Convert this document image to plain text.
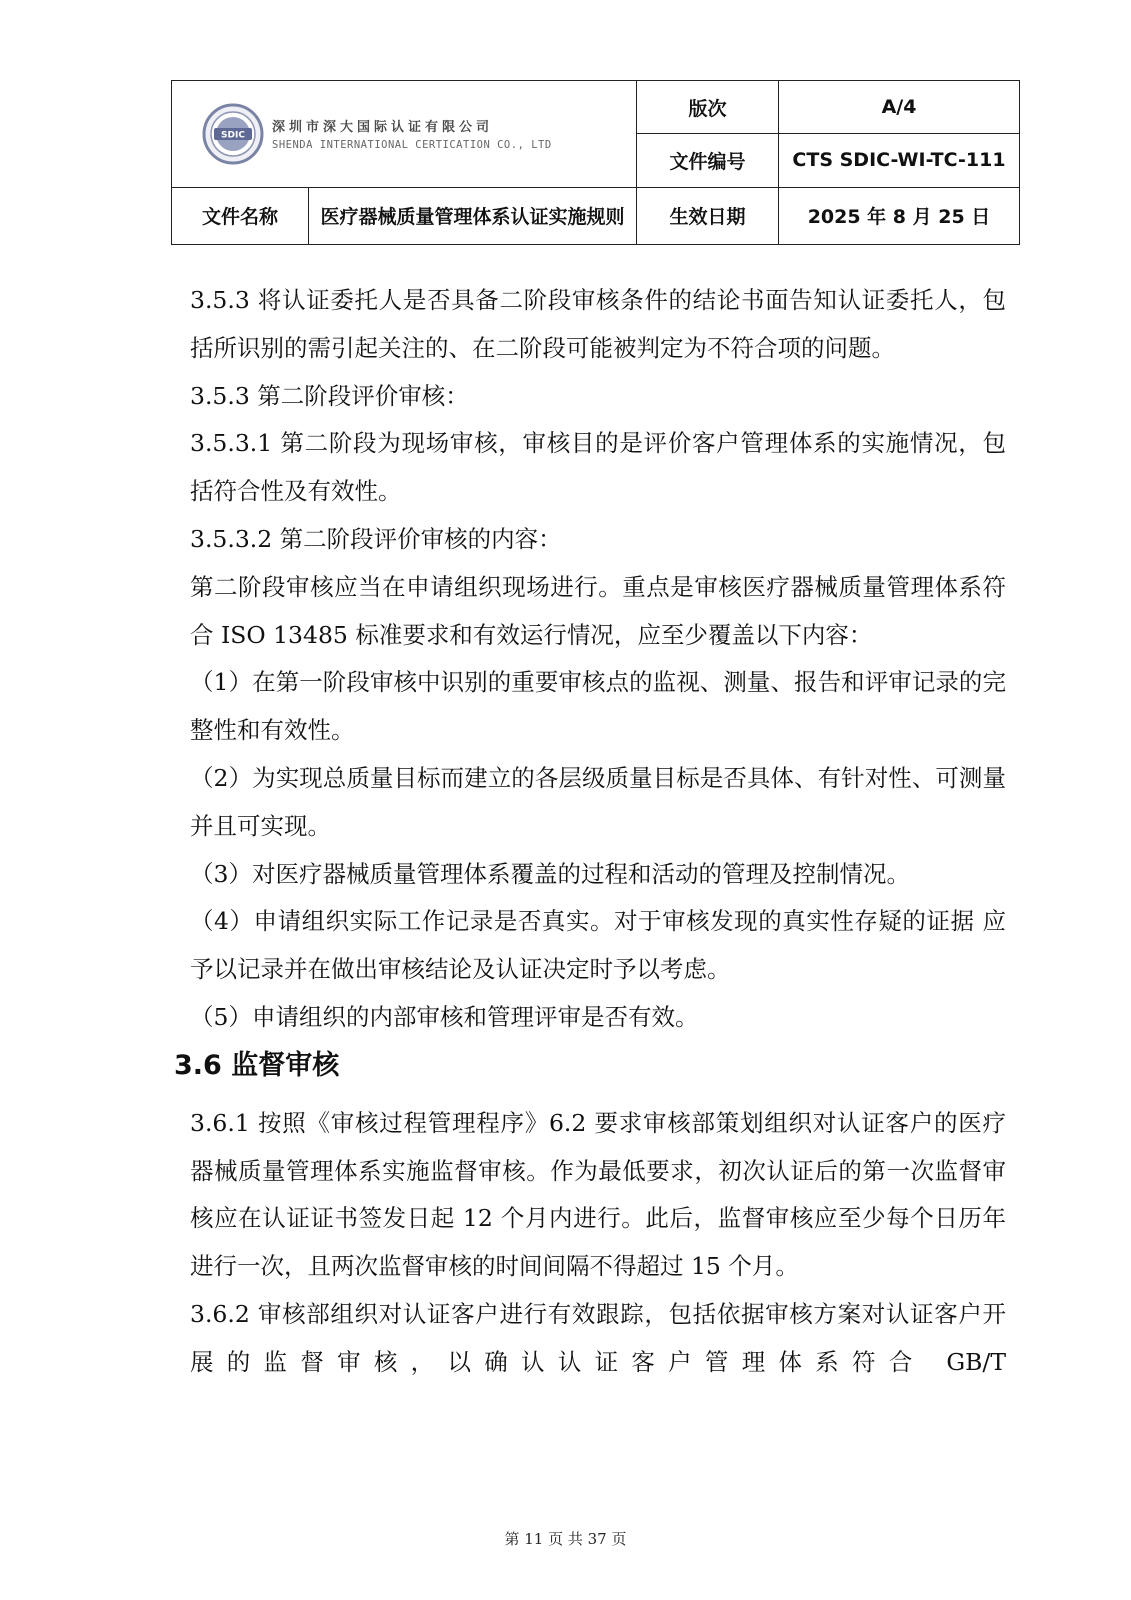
SDIC 深圳市深大国际认证有限公司
SHENDA INTERNATIONAL CERTICATION CO., LTD		版次	A/4
		文件编号	CTS SDIC-WI-TC-111
文件名称	医疗器械质量管理体系认证实施规则	生效日期	2025 年 8 月 25 日

3.5.3 将认证委托人是否具备二阶段审核条件的结论书面告知认证委托人，包括所识别的需引起关注的、在二阶段可能被判定为不符合项的问题。

3.5.3 第二阶段评价审核：

3.5.3.1 第二阶段为现场审核，审核目的是评价客户管理体系的实施情况，包括符合性及有效性。

3.5.3.2 第二阶段评价审核的内容：

第二阶段审核应当在申请组织现场进行。重点是审核医疗器械质量管理体系符合 ISO 13485 标准要求和有效运行情况，应至少覆盖以下内容：

（1）在第一阶段审核中识别的重要审核点的监视、测量、报告和评审记录的完整性和有效性。

（2）为实现总质量目标而建立的各层级质量目标是否具体、有针对性、可测量并且可实现。

（3）对医疗器械质量管理体系覆盖的过程和活动的管理及控制情况。

（4）申请组织实际工作记录是否真实。对于审核发现的真实性存疑的证据 应予以记录并在做出审核结论及认证决定时予以考虑。

（5）申请组织的内部审核和管理评审是否有效。

3.6 监督审核

3.6.1 按照《审核过程管理程序》6.2 要求审核部策划组织对认证客户的医疗器械质量管理体系实施监督审核。作为最低要求，初次认证后的第一次监督审核应在认证证书签发日起 12 个月内进行。此后，监督审核应至少每个日历年进行一次，且两次监督审核的时间间隔不得超过 15 个月。

3.6.2 审核部组织对认证客户进行有效跟踪，包括依据审核方案对认证客户开展的监督审核，以确认认证客户管理体系符合 GB/T

第 11 页 共 37 页
